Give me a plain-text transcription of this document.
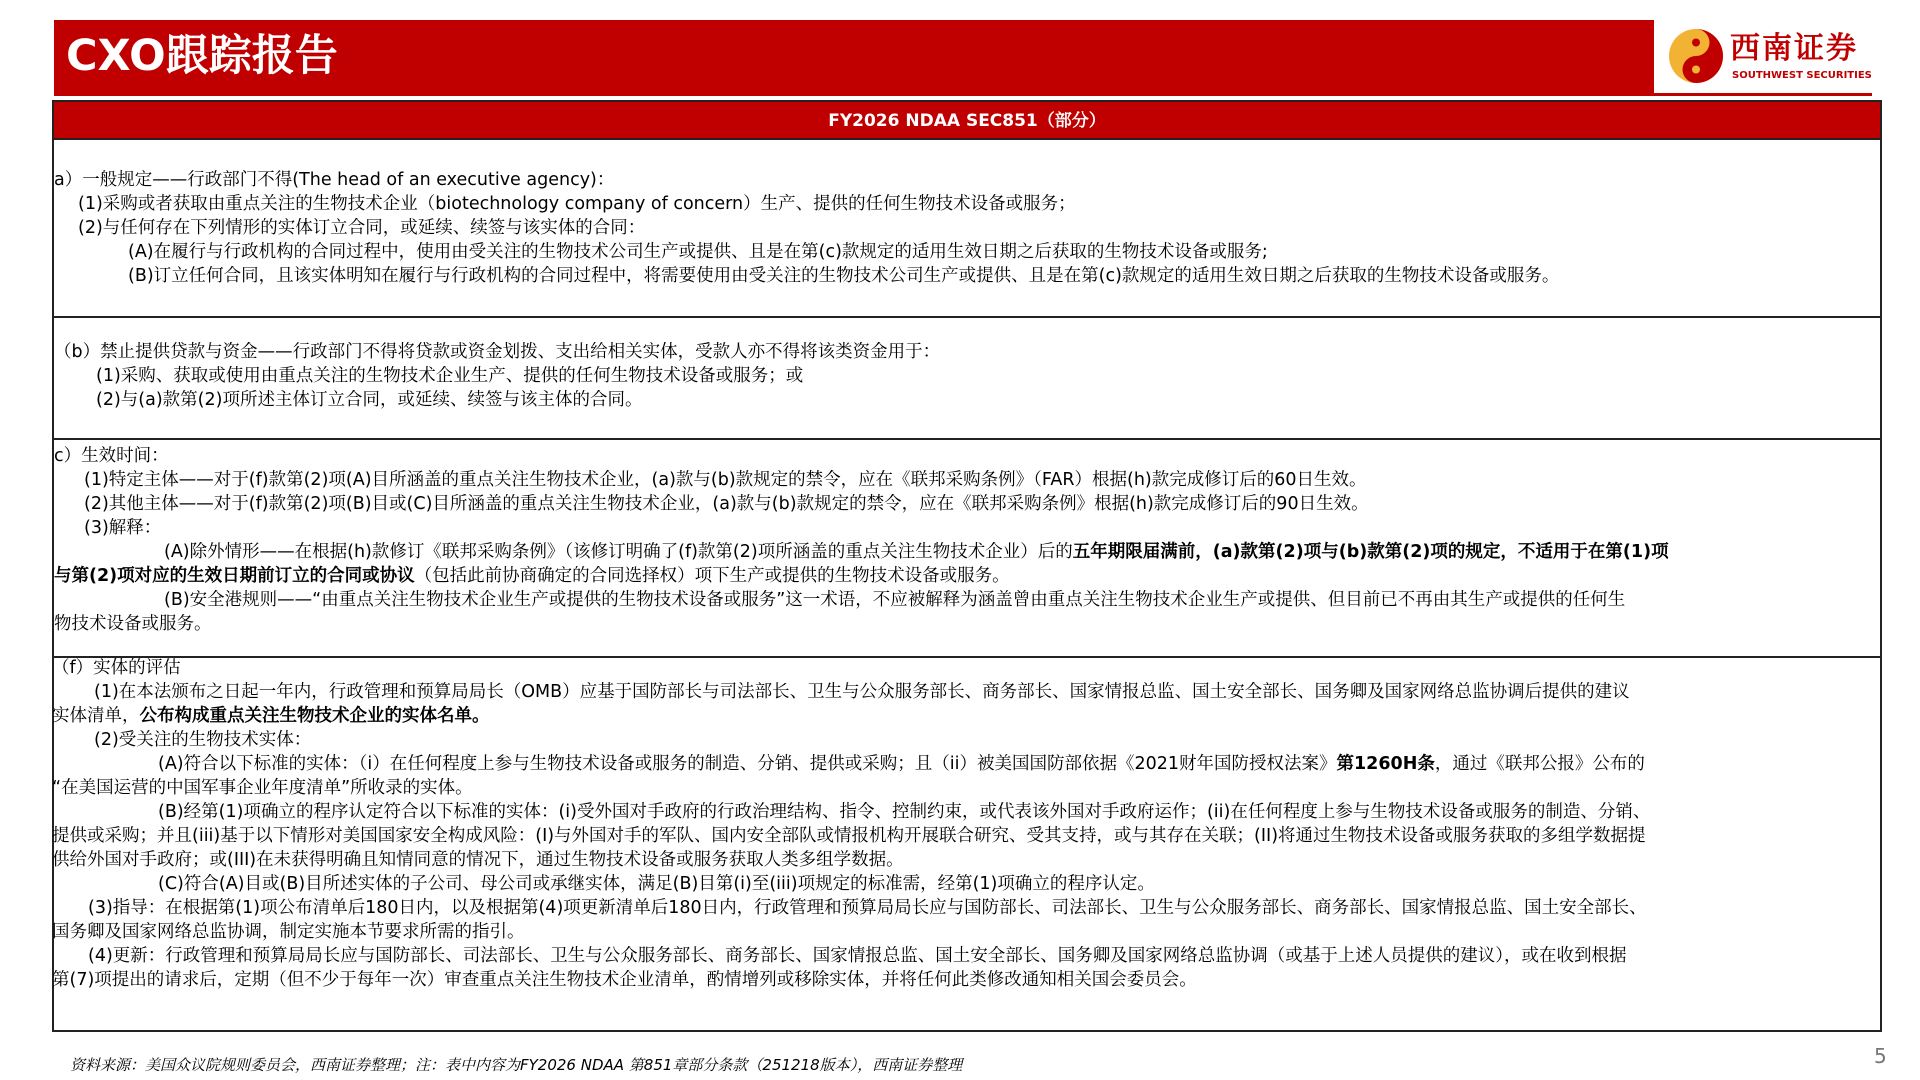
CXO跟踪报告	西南证券
SOUTHWEST SECURITIES
FY2026 NDAA SEC851（部分）
a）一般规定——行政部门不得(The head of an executive agency)：
(1)采购或者获取由重点关注的生物技术企业（biotechnology company of concern）生产、提供的任何生物技术设备或服务；
(2)与任何存在下列情形的实体订立合同，或延续、续签与该实体的合同：
(A)在履行与行政机构的合同过程中，使用由受关注的生物技术公司生产或提供、且是在第(c)款规定的适用生效日期之后获取的生物技术设备或服务;
(B)订立任何合同，且该实体明知在履行与行政机构的合同过程中，将需要使用由受关注的生物技术公司生产或提供、且是在第(c)款规定的适用生效日期之后获取的生物技术设备或服务。
（b）禁止提供贷款与资金——行政部门不得将贷款或资金划拨、支出给相关实体，受款人亦不得将该类资金用于：
(1)采购、获取或使用由重点关注的生物技术企业生产、提供的任何生物技术设备或服务；或
(2)与(a)款第(2)项所述主体订立合同，或延续、续签与该主体的合同。
c）生效时间：
(1)特定主体——对于(f)款第(2)项(A)目所涵盖的重点关注生物技术企业，(a)款与(b)款规定的禁令，应在《联邦采购条例》（FAR）根据(h)款完成修订后的60日生效。
(2)其他主体——对于(f)款第(2)项(B)目或(C)目所涵盖的重点关注生物技术企业，(a)款与(b)款规定的禁令，应在《联邦采购条例》根据(h)款完成修订后的90日生效。
(3)解释：
(A)除外情形——在根据(h)款修订《联邦采购条例》（该修订明确了(f)款第(2)项所涵盖的重点关注生物技术企业）后的五年期限届满前，(a)款第(2)项与(b)款第(2)项的规定，不适用于在第(1)项
与第(2)项对应的生效日期前订立的合同或协议（包括此前协商确定的合同选择权）项下生产或提供的生物技术设备或服务。
(B)安全港规则——“由重点关注生物技术企业生产或提供的生物技术设备或服务”这一术语，不应被解释为涵盖曾由重点关注生物技术企业生产或提供、但目前已不再由其生产或提供的任何生
物技术设备或服务。
（f）实体的评估
(1)在本法颁布之日起一年内，行政管理和预算局局长（OMB）应基于国防部长与司法部长、卫生与公众服务部长、商务部长、国家情报总监、国土安全部长、国务卿及国家网络总监协调后提供的建议
实体清单，公布构成重点关注生物技术企业的实体名单。
(2)受关注的生物技术实体：
(A)符合以下标准的实体：（i）在任何程度上参与生物技术设备或服务的制造、分销、提供或采购；且（ii）被美国国防部依据《2021财年国防授权法案》第1260H条，通过《联邦公报》公布的
“在美国运营的中国军事企业年度清单”所收录的实体。
(B)经第(1)项确立的程序认定符合以下标准的实体：(i)受外国对手政府的行政治理结构、指令、控制约束，或代表该外国对手政府运作；(ii)在任何程度上参与生物技术设备或服务的制造、分销、
提供或采购；并且(iii)基于以下情形对美国国家安全构成风险：(I)与外国对手的军队、国内安全部队或情报机构开展联合研究、受其支持，或与其存在关联；(II)将通过生物技术设备或服务获取的多组学数据提
供给外国对手政府；或(III)在未获得明确且知情同意的情况下，通过生物技术设备或服务获取人类多组学数据。
(C)符合(A)目或(B)目所述实体的子公司、母公司或承继实体，满足(B)目第(i)至(iii)项规定的标准需，经第(1)项确立的程序认定。
(3)指导：在根据第(1)项公布清单后180日内，以及根据第(4)项更新清单后180日内，行政管理和预算局局长应与国防部长、司法部长、卫生与公众服务部长、商务部长、国家情报总监、国土安全部长、
国务卿及国家网络总监协调，制定实施本节要求所需的指引。
(4)更新：行政管理和预算局局长应与国防部长、司法部长、卫生与公众服务部长、商务部长、国家情报总监、国土安全部长、国务卿及国家网络总监协调（或基于上述人员提供的建议），或在收到根据
第(7)项提出的请求后，定期（但不少于每年一次）审查重点关注生物技术企业清单，酌情增列或移除实体，并将任何此类修改通知相关国会委员会。
资料来源：美国众议院规则委员会，西南证券整理；注：表中内容为FY2026 NDAA 第851章部分条款（251218版本），西南证券整理	5
